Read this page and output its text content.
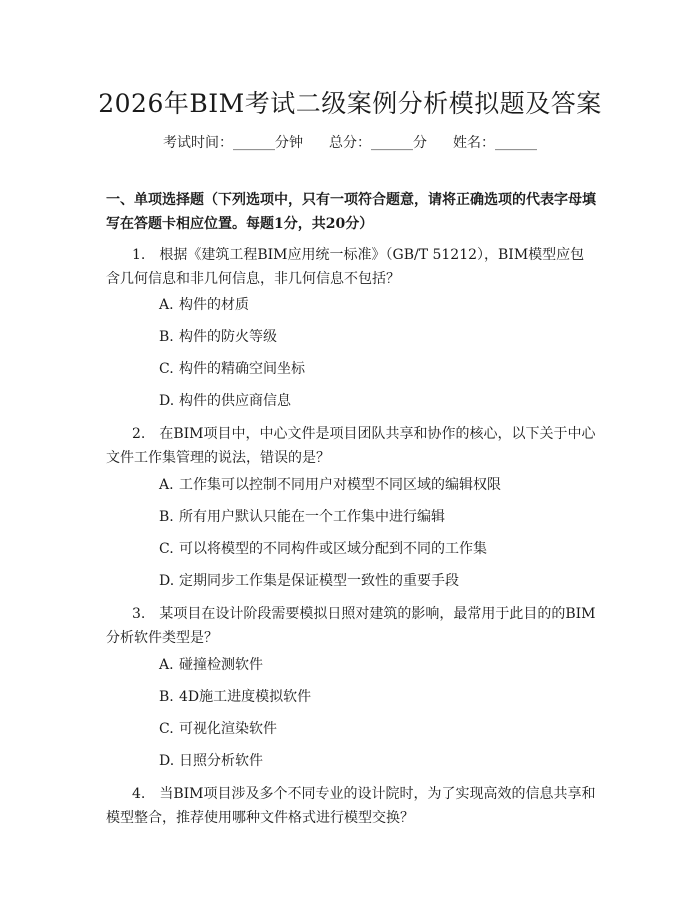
2026年BIM考试二级案例分析模拟题及答案
考试时间：______分钟 总分：______分 姓名：______
一、单项选择题（下列选项中，只有一项符合题意，请将正确选项的代表字母填写在答题卡相应位置。每题1分，共20分）
1.　根据《建筑工程BIM应用统一标准》（GB/T 51212），BIM模型应包含几何信息和非几何信息，非几何信息不包括？
A. 构件的材质
B. 构件的防火等级
C. 构件的精确空间坐标
D. 构件的供应商信息
2.　在BIM项目中，中心文件是项目团队共享和协作的核心，以下关于中心文件工作集管理的说法，错误的是？
A. 工作集可以控制不同用户对模型不同区域的编辑权限
B. 所有用户默认只能在一个工作集中进行编辑
C. 可以将模型的不同构件或区域分配到不同的工作集
D. 定期同步工作集是保证模型一致性的重要手段
3.　某项目在设计阶段需要模拟日照对建筑的影响，最常用于此目的的BIM分析软件类型是？
A. 碰撞检测软件
B. 4D施工进度模拟软件
C. 可视化渲染软件
D. 日照分析软件
4.　当BIM项目涉及多个不同专业的设计院时，为了实现高效的信息共享和模型整合，推荐使用哪种文件格式进行模型交换？
